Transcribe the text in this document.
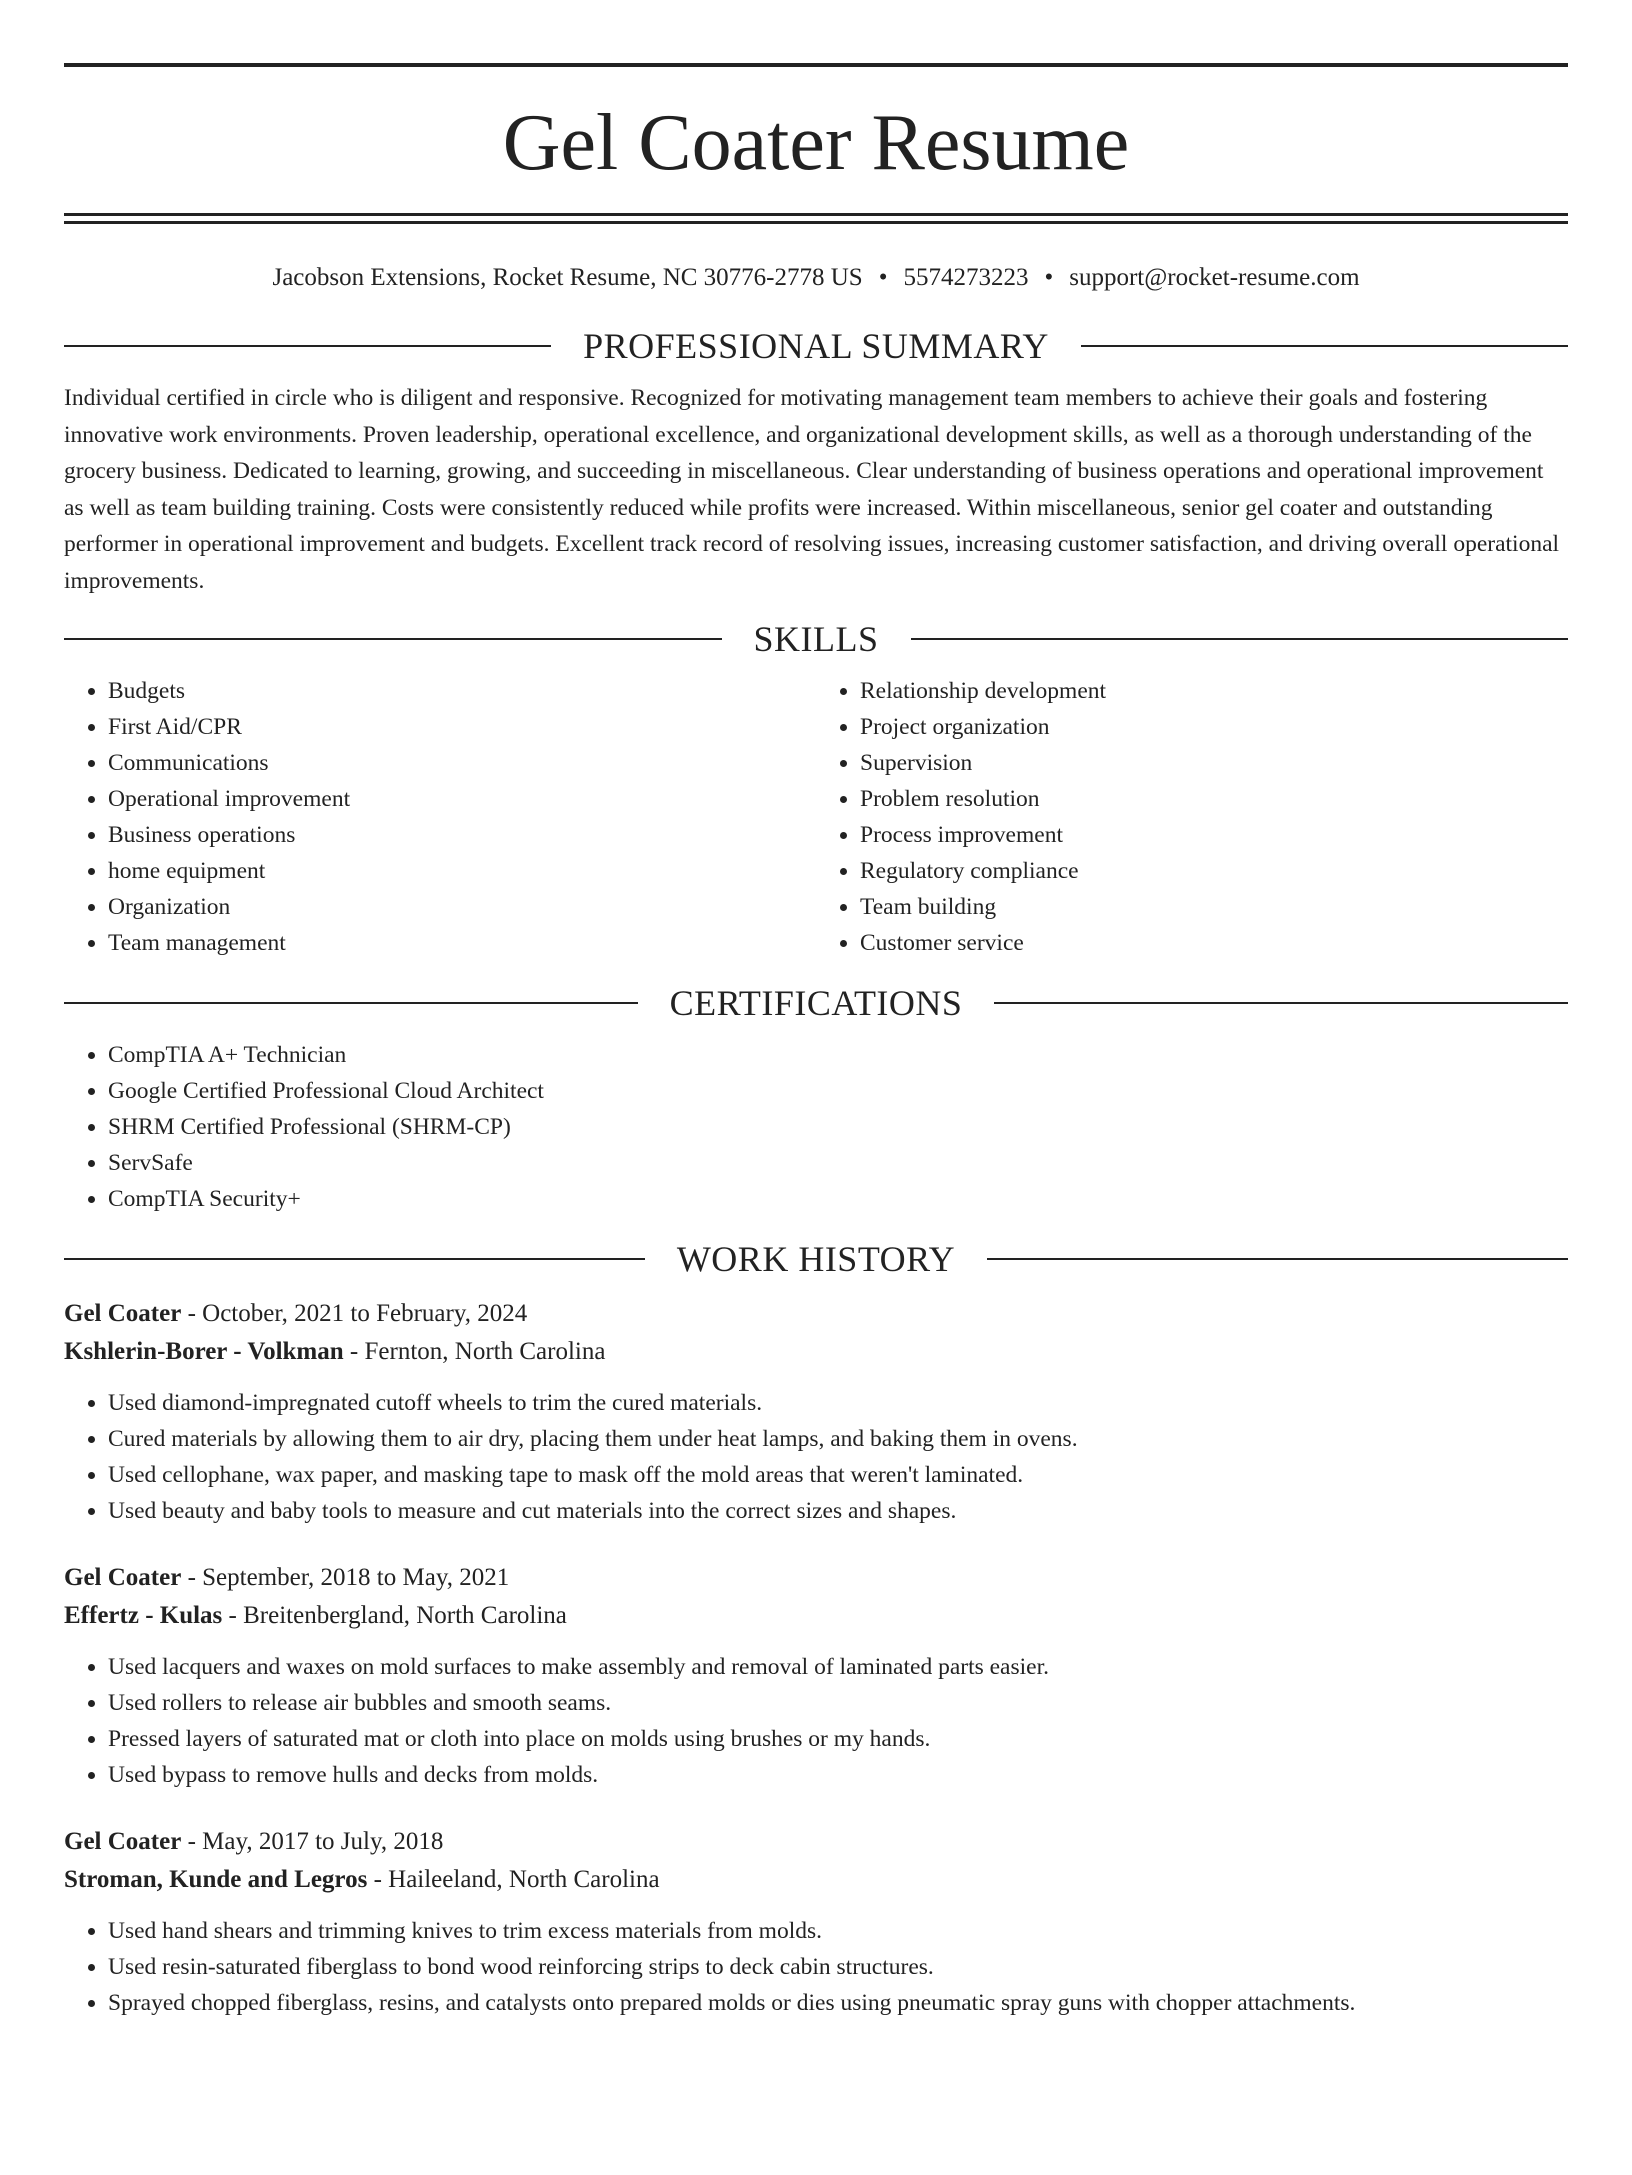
Gel Coater Resume
Jacobson Extensions, Rocket Resume, NC 30776-2778 US • 5574273223 • support@rocket-resume.com
PROFESSIONAL SUMMARY

Individual certified in circle who is diligent and responsive. Recognized for motivating management team members to achieve their goals and fostering innovative work environments. Proven leadership, operational excellence, and organizational development skills, as well as a thorough understanding of the grocery business. Dedicated to learning, growing, and succeeding in miscellaneous. Clear understanding of business operations and operational improvement as well as team building training. Costs were consistently reduced while profits were increased. Within miscellaneous, senior gel coater and outstanding performer in operational improvement and budgets. Excellent track record of resolving issues, increasing customer satisfaction, and driving overall operational improvements.

SKILLS
• Budgets
• First Aid/CPR
• Communications
• Operational improvement
• Business operations
• home equipment
• Organization
• Team management
• Relationship development
• Project organization
• Supervision
• Problem resolution
• Process improvement
• Regulatory compliance
• Team building
• Customer service
CERTIFICATIONS
• CompTIA A+ Technician
• Google Certified Professional Cloud Architect
• SHRM Certified Professional (SHRM-CP)
• ServSafe
• CompTIA Security+
WORK HISTORY
Gel Coater - October, 2021 to February, 2024
Kshlerin-Borer - Volkman - Fernton, North Carolina
• Used diamond-impregnated cutoff wheels to trim the cured materials.
• Cured materials by allowing them to air dry, placing them under heat lamps, and baking them in ovens.
• Used cellophane, wax paper, and masking tape to mask off the mold areas that weren't laminated.
• Used beauty and baby tools to measure and cut materials into the correct sizes and shapes.
Gel Coater - September, 2018 to May, 2021
Effertz - Kulas - Breitenbergland, North Carolina
• Used lacquers and waxes on mold surfaces to make assembly and removal of laminated parts easier.
• Used rollers to release air bubbles and smooth seams.
• Pressed layers of saturated mat or cloth into place on molds using brushes or my hands.
• Used bypass to remove hulls and decks from molds.
Gel Coater - May, 2017 to July, 2018
Stroman, Kunde and Legros - Haileeland, North Carolina
• Used hand shears and trimming knives to trim excess materials from molds.
• Used resin-saturated fiberglass to bond wood reinforcing strips to deck cabin structures.
• Sprayed chopped fiberglass, resins, and catalysts onto prepared molds or dies using pneumatic spray guns with chopper attachments.
